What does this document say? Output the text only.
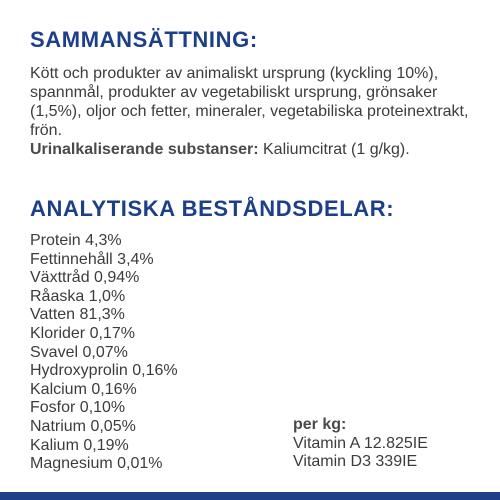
SAMMANSÄTTNING:

Kött och produkter av animaliskt ursprung (kyckling 10%), spannmål, produkter av vegetabiliskt ursprung, grönsaker (1,5%), oljor och fetter, mineraler, vegetabiliska proteinextrakt, frön.
Urinalkaliserande substanser: Kaliumcitrat (1 g/kg).

ANALYTISKA BESTÅNDSDELAR:
Protein 4,3%
Fettinnehåll 3,4%
Växttråd 0,94%
Råaska 1,0%
Vatten 81,3%
Klorider 0,17%
Svavel 0,07%
Hydroxyprolin 0,16%
Kalcium 0,16%
Fosfor 0,10%
Natrium 0,05%
Kalium 0,19%
Magnesium 0,01%
per kg:
Vitamin A 12.825IE
Vitamin D3 339IE
